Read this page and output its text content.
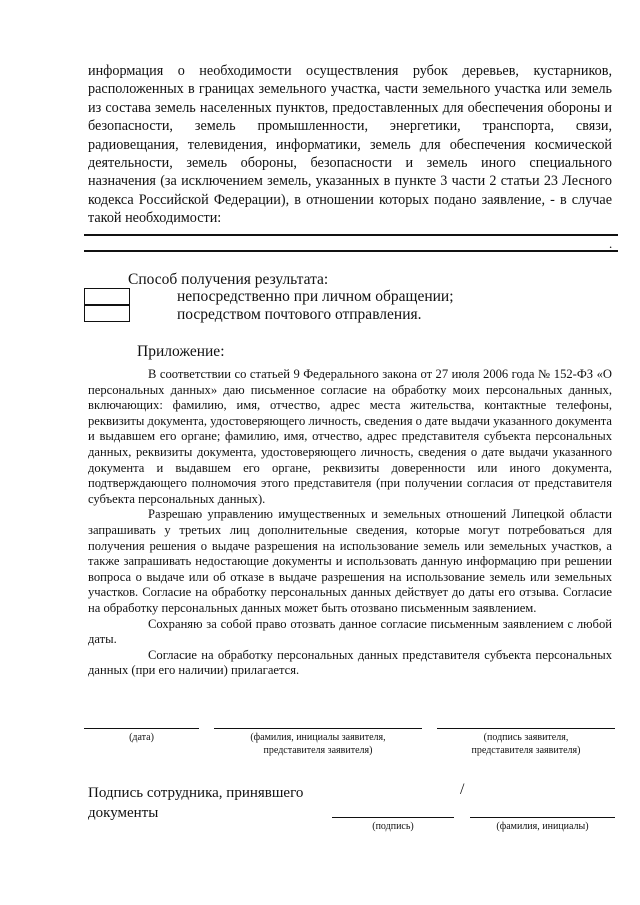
информация о необходимости осуществления рубок деревьев, кустарников, расположенных в границах земельного участка, части земельного участка или земель из состава земель населенных пунктов, предоставленных для обеспечения обороны и безопасности, земель промышленности, энергетики, транспорта, связи, радиовещания, телевидения, информатики, земель для обеспечения космической деятельности, земель обороны, безопасности и земель иного специального назначения (за исключением земель, указанных в пункте 3 части 2 статьи 23 Лесного кодекса Российской Федерации), в отношении которых подано заявление, - в случае такой необходимости:
.
Способ получения результата:
непосредственно при личном обращении;
посредством почтового отправления.
Приложение:

В соответствии со статьей 9 Федерального закона от 27 июля 2006 года № 152-ФЗ «О персональных данных» даю письменное согласие на обработку моих персональных данных, включающих: фамилию, имя, отчество, адрес места жительства, контактные телефоны, реквизиты документа, удостоверяющего личность, сведения о дате выдачи указанного документа и выдавшем его органе; фамилию, имя, отчество, адрес представителя субъекта персональных данных, реквизиты документа, удостоверяющего личность, сведения о дате выдачи указанного документа и выдавшем его органе, реквизиты доверенности или иного документа, подтверждающего полномочия этого представителя (при получении согласия от представителя субъекта персональных данных).

Разрешаю управлению имущественных и земельных отношений Липецкой области запрашивать у третьих лиц дополнительные сведения, которые могут потребоваться для получения решения о выдаче разрешения на использование земель или земельных участков, а также запрашивать недостающие документы и использовать данную информацию при решении вопроса о выдаче или об отказе в выдаче разрешения на использование земель или земельных участков. Согласие на обработку персональных данных действует до даты его отзыва. Согласие на обработку персональных данных может быть отозвано письменным заявлением.

Сохраняю за собой право отозвать данное согласие письменным заявлением с любой даты.

Согласие на обработку персональных данных представителя субъекта персональных данных (при его наличии) прилагается.

(дата)	(фамилия, инициалы заявителя,
представителя заявителя)
(подпись заявителя,
представителя заявителя)
Подпись сотрудника, принявшего документы
/
(подпись)	(фамилия, инициалы)
